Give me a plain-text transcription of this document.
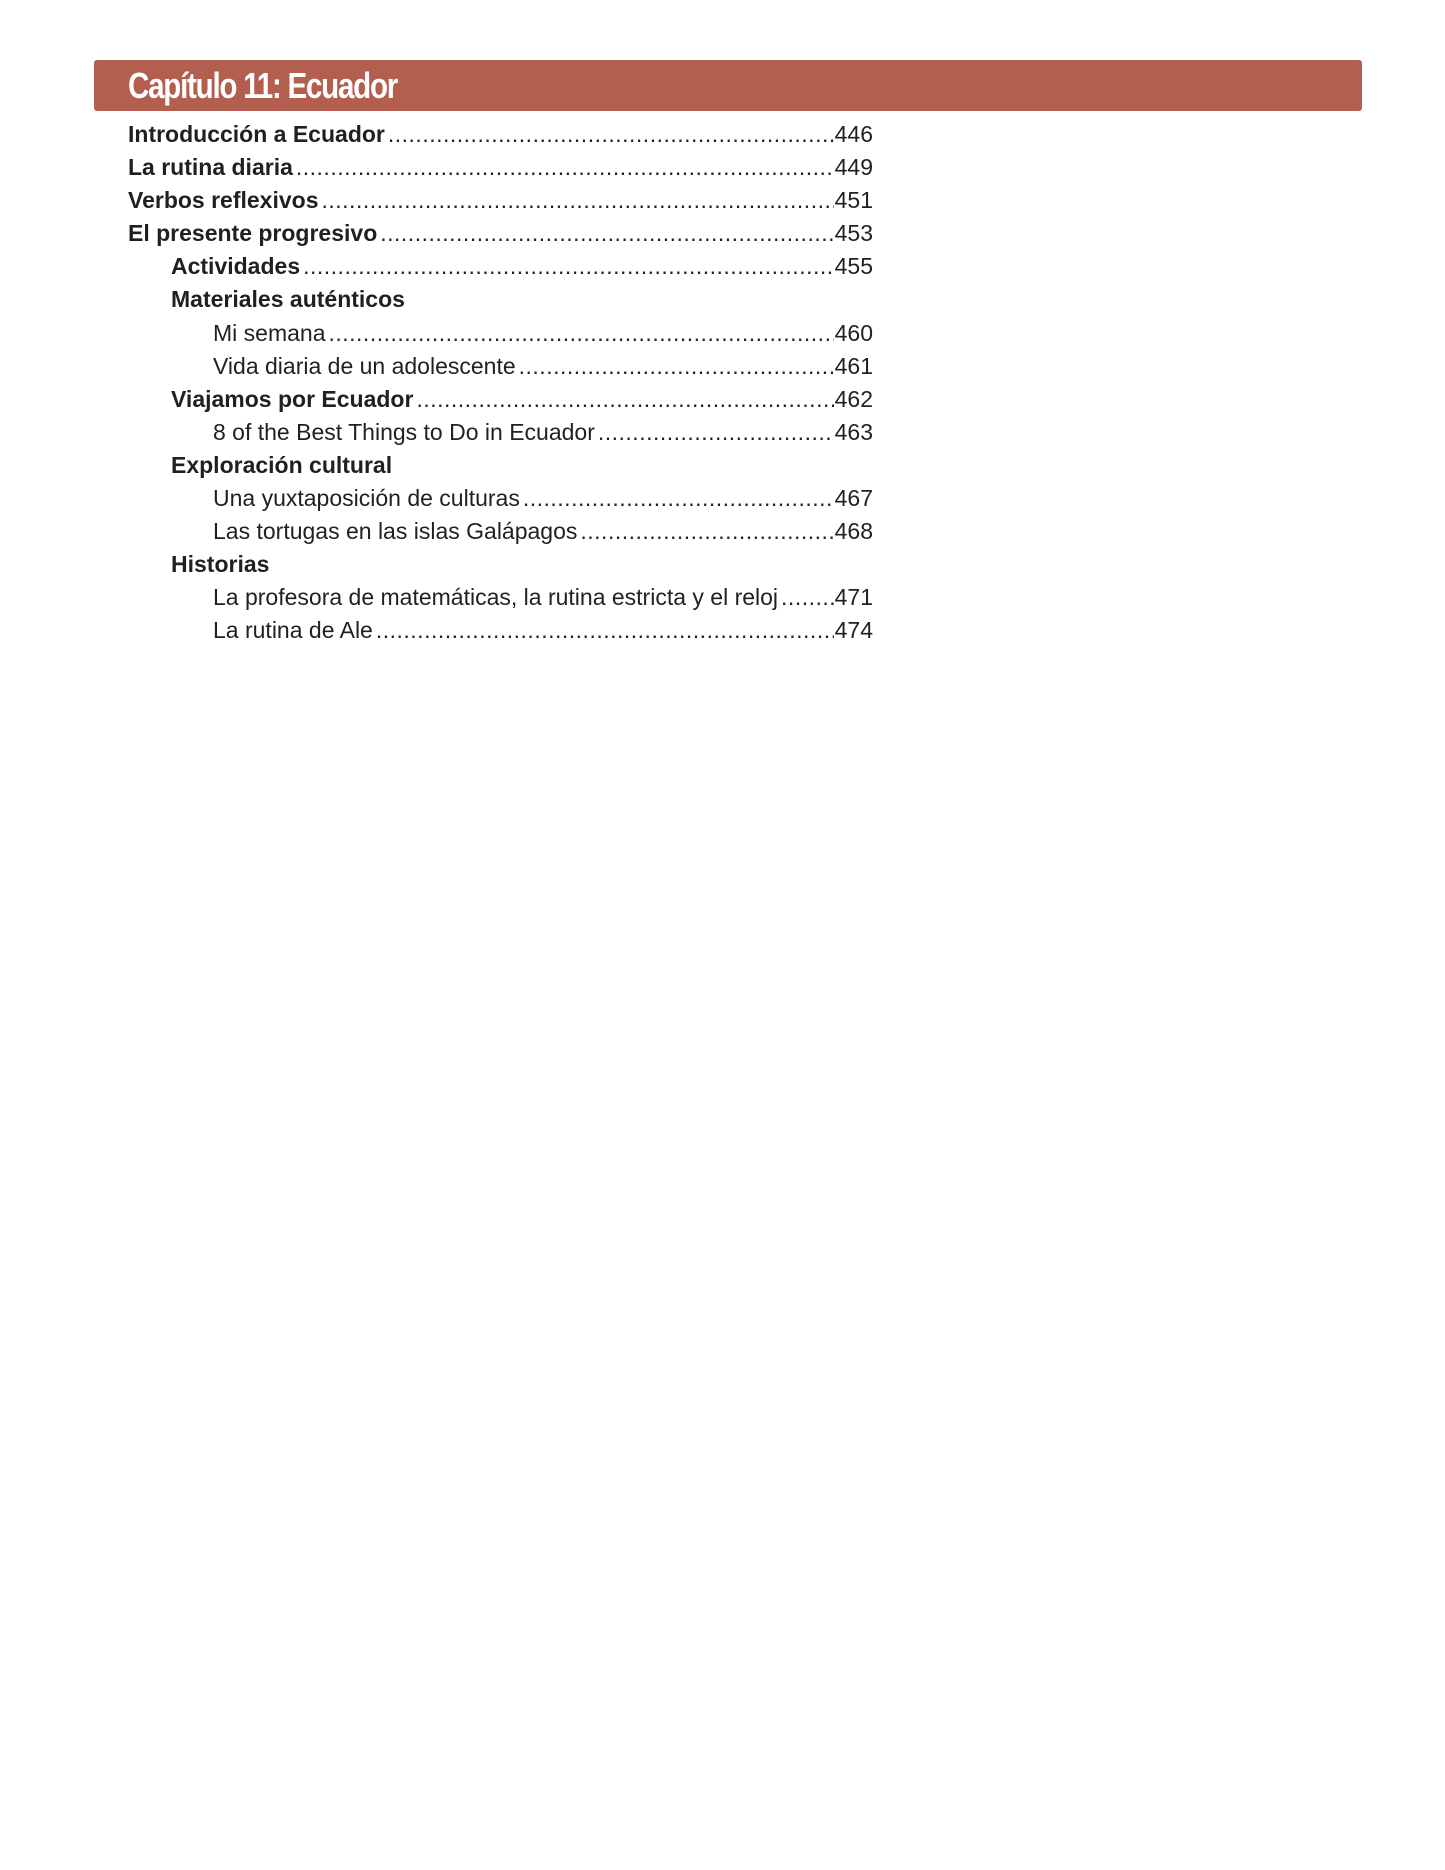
Capítulo 11: Ecuador
Introducción a Ecuador .....	446
La rutina diaria .....	449
Verbos reflexivos .....	451
El presente progresivo .....	453
Actividades .....	455
Materiales auténticos
Mi semana .....	460
Vida diaria de un adolescente .....	461
Viajamos por Ecuador .....	462
8 of the Best Things to Do in Ecuador .....	463
Exploración cultural
Una yuxtaposición de culturas .....	467
Las tortugas en las islas Galápagos .....	468
Historias
La profesora de matemáticas, la rutina estricta y el reloj ..... 471
La rutina de Ale .....	474
